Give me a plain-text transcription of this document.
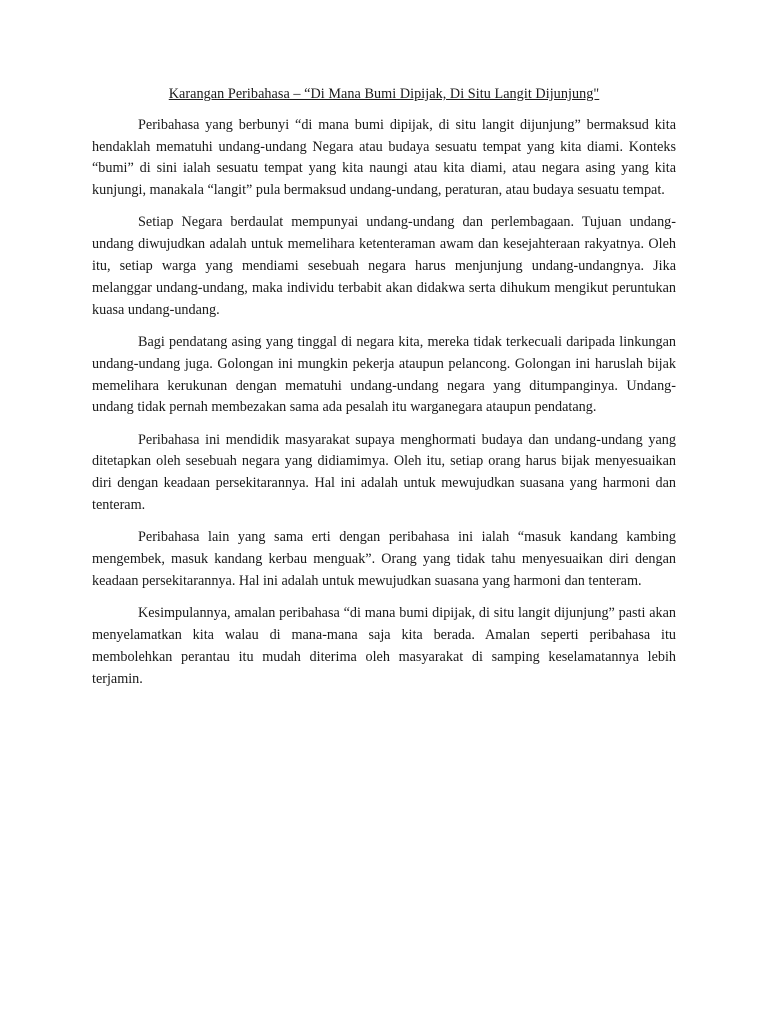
Karangan Peribahasa – “Di Mana Bumi Dipijak, Di Situ Langit Dijunjung"

Peribahasa yang berbunyi “di mana bumi dipijak, di situ langit dijunjung” bermaksud kita hendaklah mematuhi undang-undang Negara atau budaya sesuatu tempat yang kita diami. Konteks “bumi” di sini ialah sesuatu tempat yang kita naungi atau kita diami, atau negara asing yang kita kunjungi, manakala “langit” pula bermaksud undang-undang, peraturan, atau budaya sesuatu tempat.

Setiap Negara berdaulat mempunyai undang-undang dan perlembagaan. Tujuan undang-undang diwujudkan adalah untuk memelihara ketenteraman awam dan kesejahteraan rakyatnya. Oleh itu, setiap warga yang mendiami sesebuah negara harus menjunjung undang-undangnya. Jika melanggar undang-undang, maka individu terbabit akan didakwa serta dihukum mengikut peruntukan kuasa undang-undang.

Bagi pendatang asing yang tinggal di negara kita, mereka tidak terkecuali daripada linkungan undang-undang juga. Golongan ini mungkin pekerja ataupun pelancong. Golongan ini haruslah bijak memelihara kerukunan dengan mematuhi undang-undang negara yang ditumpanginya. Undang-undang tidak pernah membezakan sama ada pesalah itu warganegara ataupun pendatang.

Peribahasa ini mendidik masyarakat supaya menghormati budaya dan undang-undang yang ditetapkan oleh sesebuah negara yang didiamimya. Oleh itu, setiap orang harus bijak menyesuaikan diri dengan keadaan persekitarannya. Hal ini adalah untuk mewujudkan suasana yang harmoni dan tenteram.

Peribahasa lain yang sama erti dengan peribahasa ini ialah “masuk kandang kambing mengembek, masuk kandang kerbau menguak”. Orang yang tidak tahu menyesuaikan diri dengan keadaan persekitarannya. Hal ini adalah untuk mewujudkan suasana yang harmoni dan tenteram.

Kesimpulannya, amalan peribahasa “di mana bumi dipijak, di situ langit dijunjung” pasti akan menyelamatkan kita walau di mana-mana saja kita berada. Amalan seperti peribahasa itu membolehkan perantau itu mudah diterima oleh masyarakat di samping keselamatannya lebih terjamin.
